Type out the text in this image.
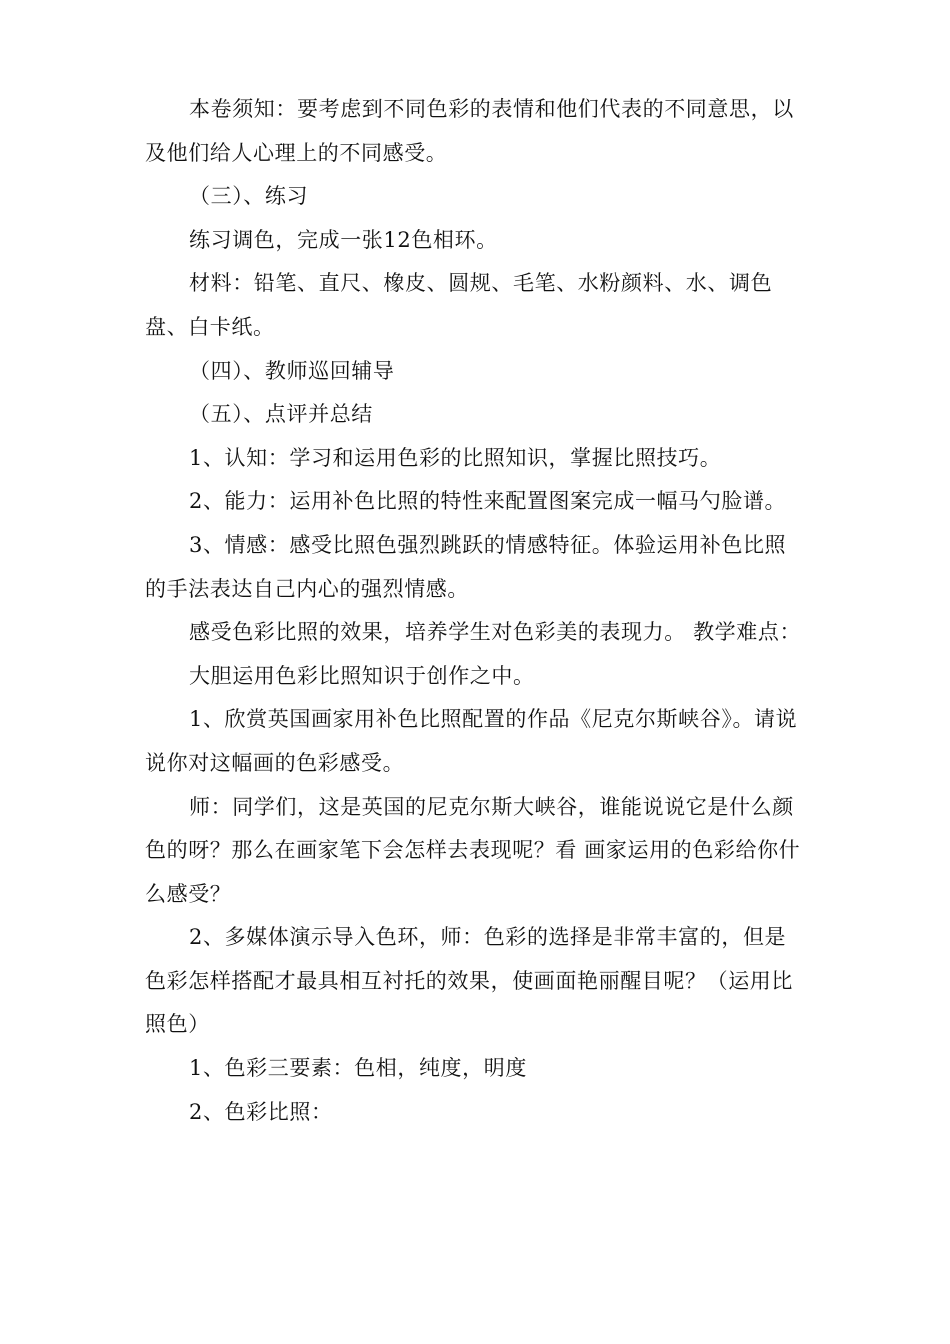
本卷须知：要考虑到不同色彩的表情和他们代表的不同意思，以及他们给人心理上的不同感受。

（三）、练习

练习调色，完成一张12色相环。

材料：铅笔、直尺、橡皮、圆规、毛笔、水粉颜料、水、调色盘、白卡纸。

（四）、教师巡回辅导

（五）、点评并总结

1、认知：学习和运用色彩的比照知识，掌握比照技巧。

2、能力：运用补色比照的特性来配置图案完成一幅马勺脸谱。

3、情感：感受比照色强烈跳跃的情感特征。体验运用补色比照的手法表达自己内心的强烈情感。

感受色彩比照的效果，培养学生对色彩美的表现力。 教学难点：

大胆运用色彩比照知识于创作之中。

1、欣赏英国画家用补色比照配置的作品《尼克尔斯峡谷》。请说说你对这幅画的色彩感受。

师：同学们，这是英国的尼克尔斯大峡谷，谁能说说它是什么颜色的呀？那么在画家笔下会怎样去表现呢？看 画家运用的色彩给你什么感受？

2、多媒体演示导入色环，师：色彩的选择是非常丰富的，但是色彩怎样搭配才最具相互衬托的效果，使画面艳丽醒目呢？（运用比照色）

1、色彩三要素：色相，纯度，明度

2、色彩比照：
